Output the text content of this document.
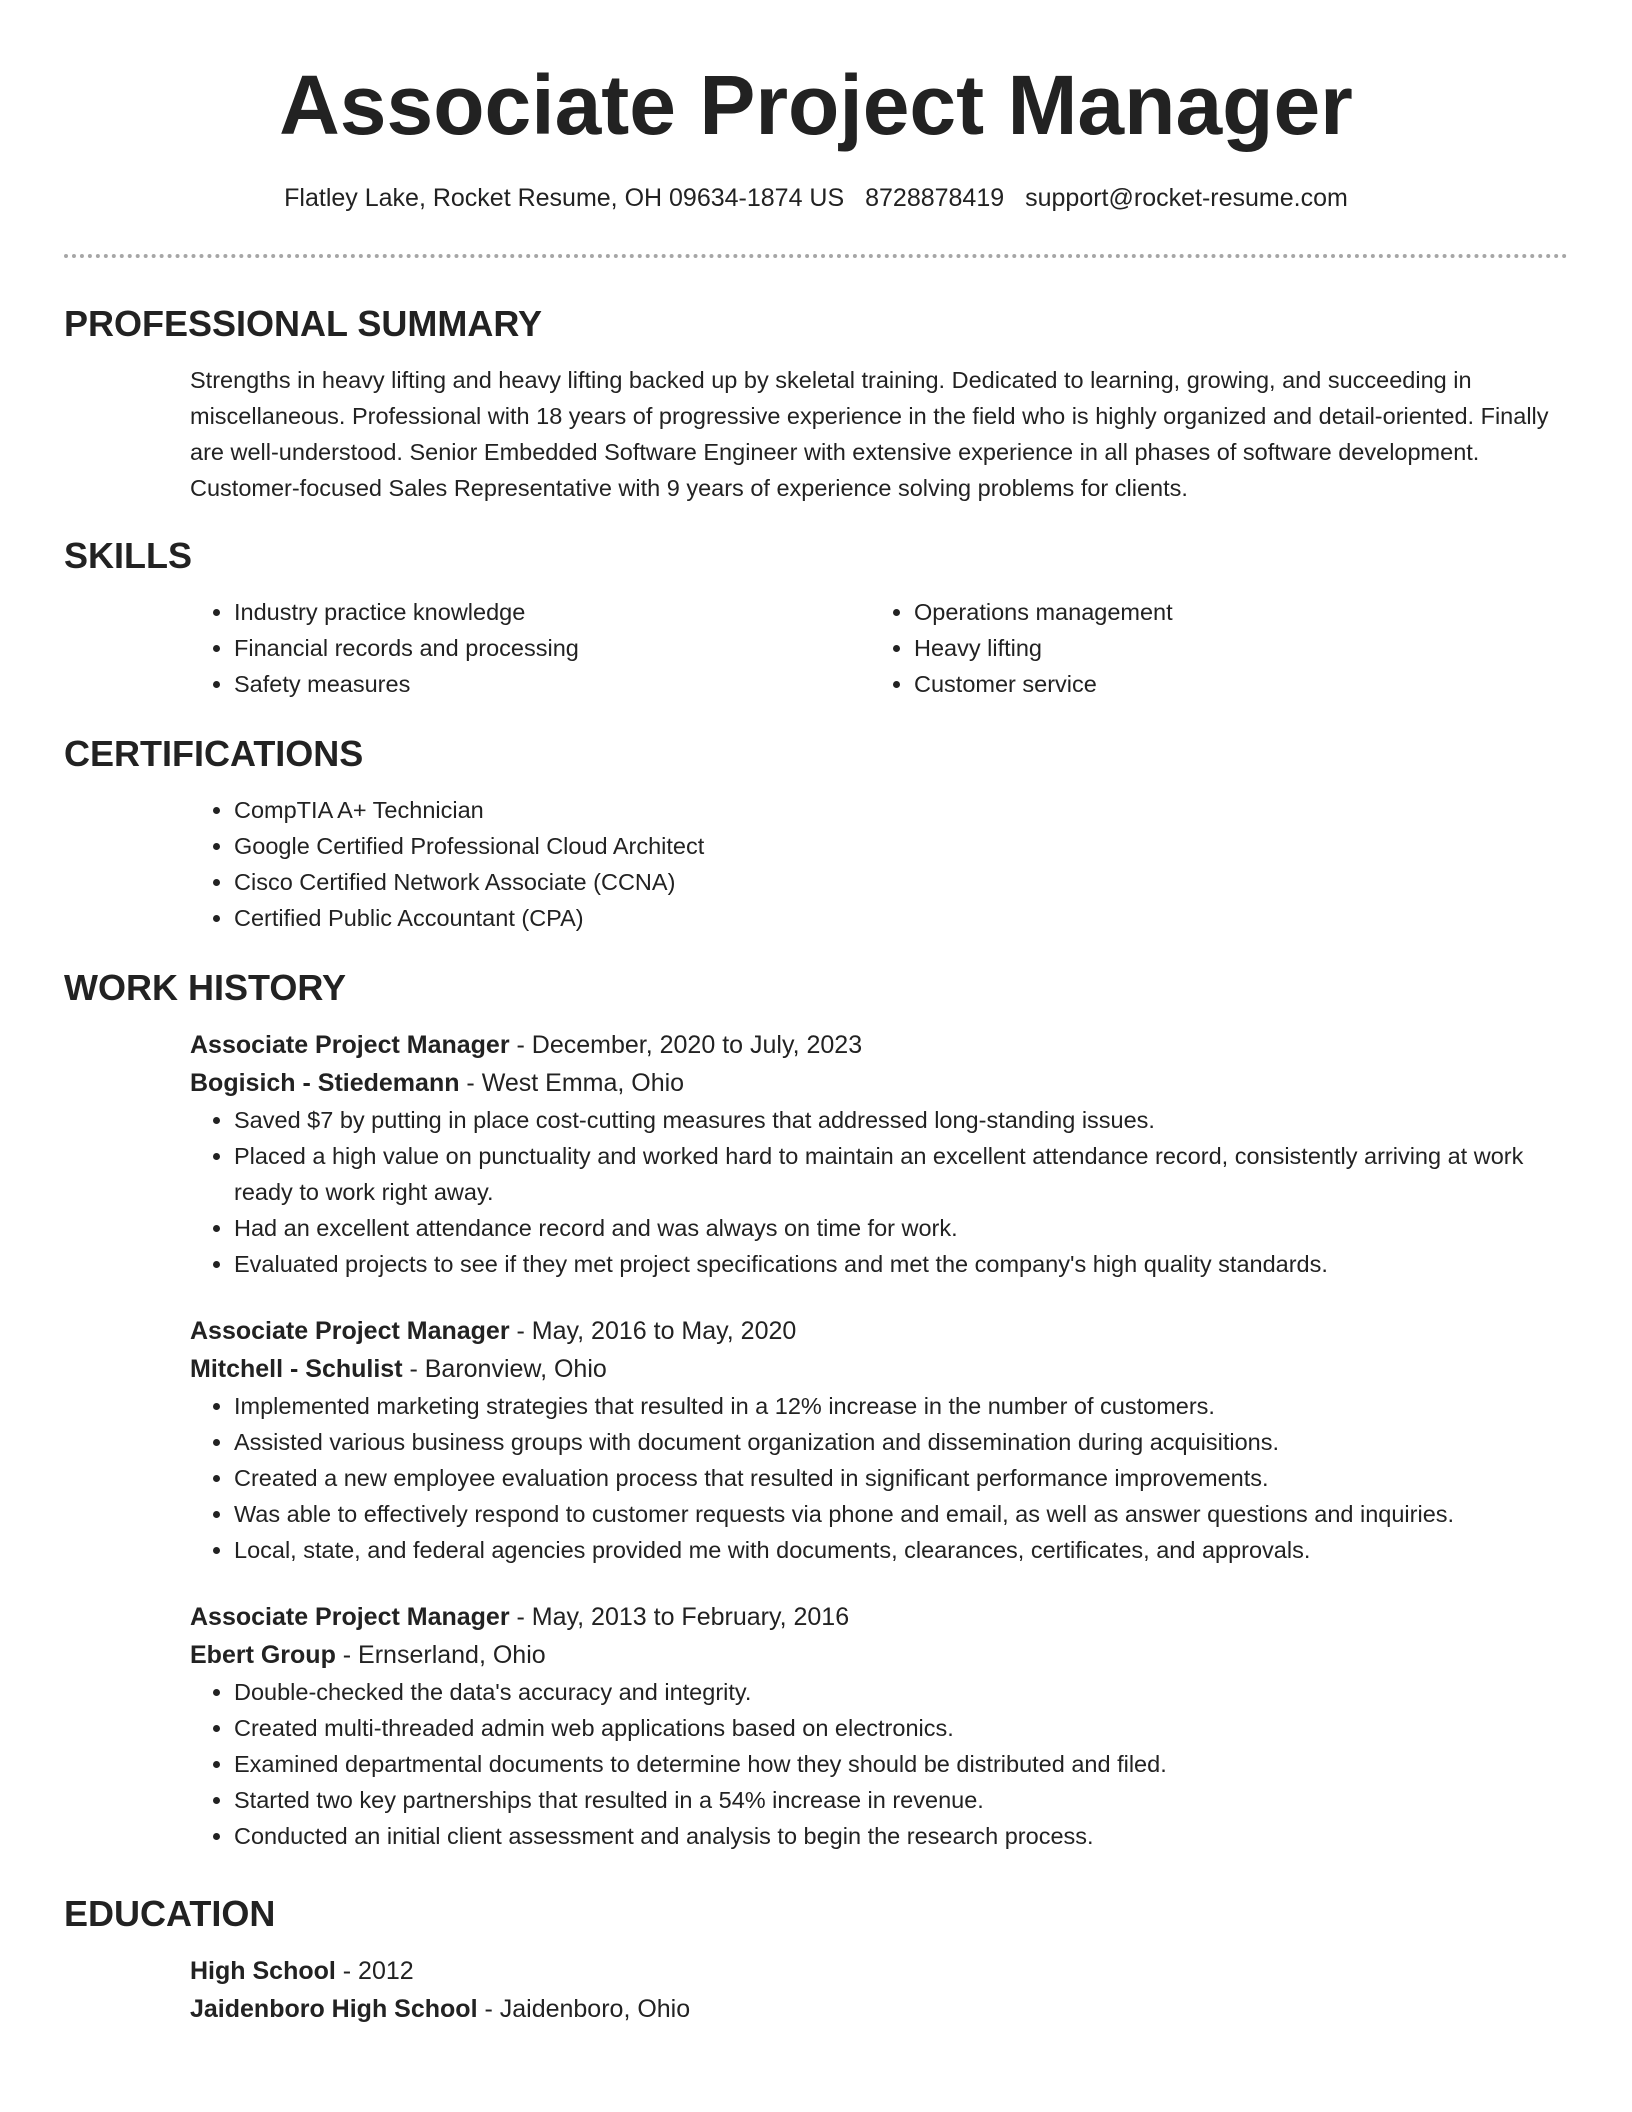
Associate Project Manager
Flatley Lake, Rocket Resume, OH 09634-1874 US 8728878419 support@rocket-resume.com
PROFESSIONAL SUMMARY
Strengths in heavy lifting and heavy lifting backed up by skeletal training. Dedicated to learning, growing, and succeeding in miscellaneous. Professional with 18 years of progressive experience in the field who is highly organized and detail-oriented. Finally are well-understood. Senior Embedded Software Engineer with extensive experience in all phases of software development. Customer-focused Sales Representative with 9 years of experience solving problems for clients.
SKILLS
• Industry practice knowledge
• Financial records and processing
• Safety measures
• Operations management
• Heavy lifting
• Customer service
CERTIFICATIONS
• CompTIA A+ Technician
• Google Certified Professional Cloud Architect
• Cisco Certified Network Associate (CCNA)
• Certified Public Accountant (CPA)
WORK HISTORY
Associate Project Manager - December, 2020 to July, 2023
Bogisich - Stiedemann - West Emma, Ohio
• Saved $7 by putting in place cost-cutting measures that addressed long-standing issues.
• Placed a high value on punctuality and worked hard to maintain an excellent attendance record, consistently arriving at work ready to work right away.
• Had an excellent attendance record and was always on time for work.
• Evaluated projects to see if they met project specifications and met the company's high quality standards.
Associate Project Manager - May, 2016 to May, 2020
Mitchell - Schulist - Baronview, Ohio
• Implemented marketing strategies that resulted in a 12% increase in the number of customers.
• Assisted various business groups with document organization and dissemination during acquisitions.
• Created a new employee evaluation process that resulted in significant performance improvements.
• Was able to effectively respond to customer requests via phone and email, as well as answer questions and inquiries.
• Local, state, and federal agencies provided me with documents, clearances, certificates, and approvals.
Associate Project Manager - May, 2013 to February, 2016
Ebert Group - Ernserland, Ohio
• Double-checked the data's accuracy and integrity.
• Created multi-threaded admin web applications based on electronics.
• Examined departmental documents to determine how they should be distributed and filed.
• Started two key partnerships that resulted in a 54% increase in revenue.
• Conducted an initial client assessment and analysis to begin the research process.
EDUCATION
High School - 2012
Jaidenboro High School - Jaidenboro, Ohio
